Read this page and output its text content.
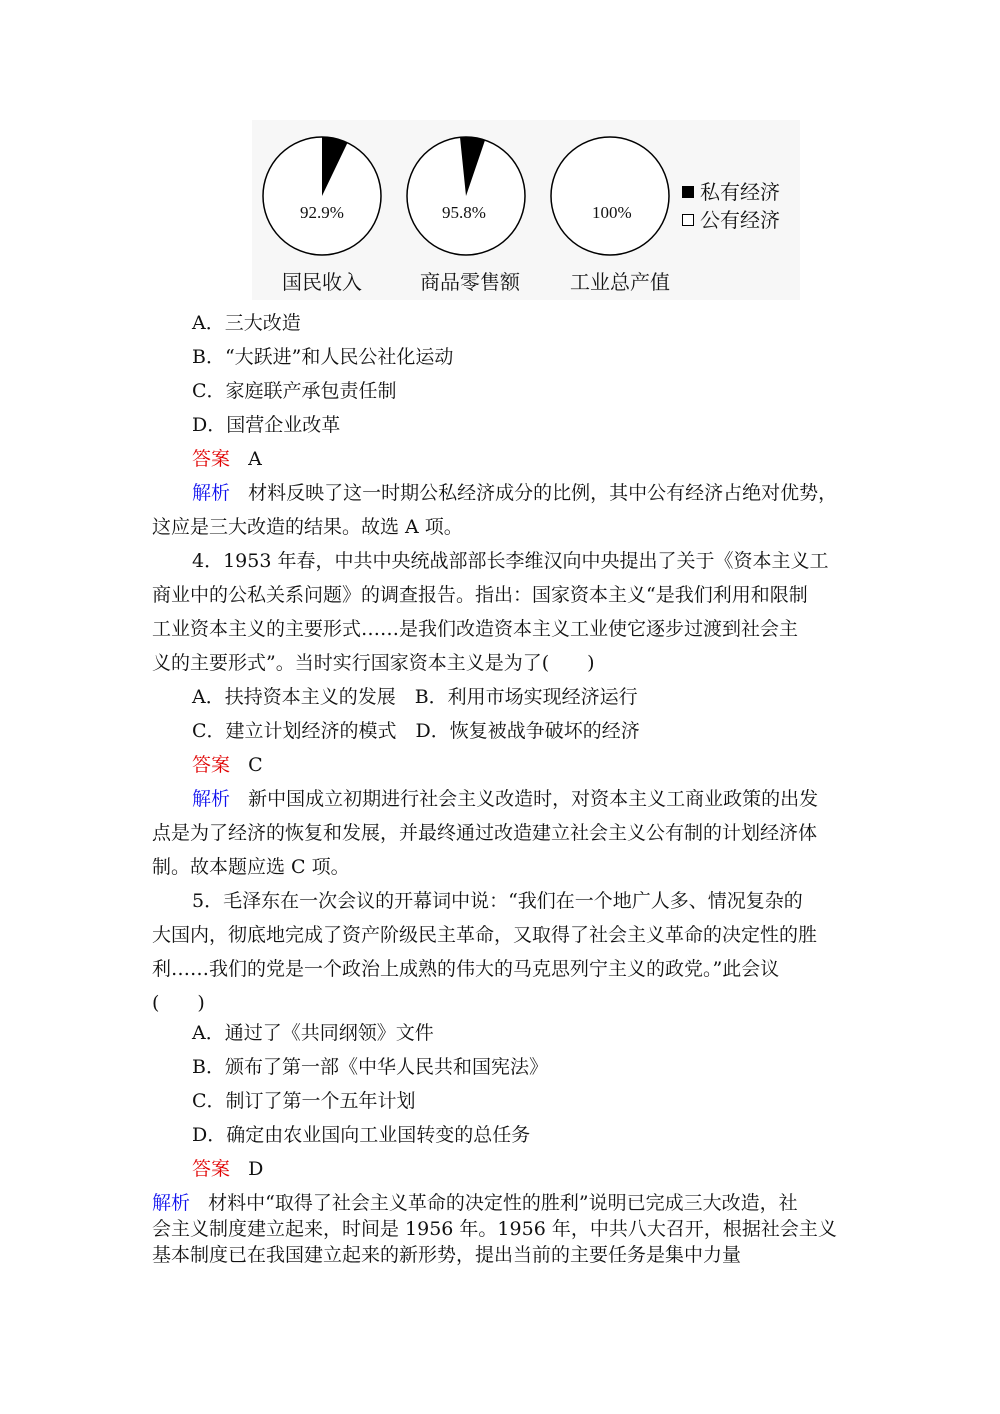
92.9%
国民收入
95.8%
商品零售额
100%
工业总产值
私有经济
公有经济
A．三大改造
B．“大跃进”和人民公社化运动
C．家庭联产承包责任制
D．国营企业改革
答案 A
解析 材料反映了这一时期公私经济成分的比例，其中公有经济占绝对优势，
这应是三大改造的结果。故选 A 项。
4．1953 年春，中共中央统战部部长李维汉向中央提出了关于《资本主义工
商业中的公私关系问题》的调查报告。指出：国家资本主义“是我们利用和限制
工业资本主义的主要形式……是我们改造资本主义工业使它逐步过渡到社会主
义的主要形式”。当时实行国家资本主义是为了(　　)
A．扶持资本主义的发展　B．利用市场实现经济运行
C．建立计划经济的模式　D．恢复被战争破坏的经济
答案 C
解析 新中国成立初期进行社会主义改造时，对资本主义工商业政策的出发
点是为了经济的恢复和发展，并最终通过改造建立社会主义公有制的计划经济体
制。故本题应选 C 项。
5．毛泽东在一次会议的开幕词中说：“我们在一个地广人多、情况复杂的
大国内，彻底地完成了资产阶级民主革命，又取得了社会主义革命的决定性的胜
利……我们的党是一个政治上成熟的伟大的马克思列宁主义的政党。”此会议
(　　)
A．通过了《共同纲领》文件
B．颁布了第一部《中华人民共和国宪法》
C．制订了第一个五年计划
D．确定由农业国向工业国转变的总任务
答案 D
解析 材料中“取得了社会主义革命的决定性的胜利”说明已完成三大改造，社
会主义制度建立起来，时间是 1956 年。1956 年，中共八大召开，根据社会主义
基本制度已在我国建立起来的新形势，提出当前的主要任务是集中力量
